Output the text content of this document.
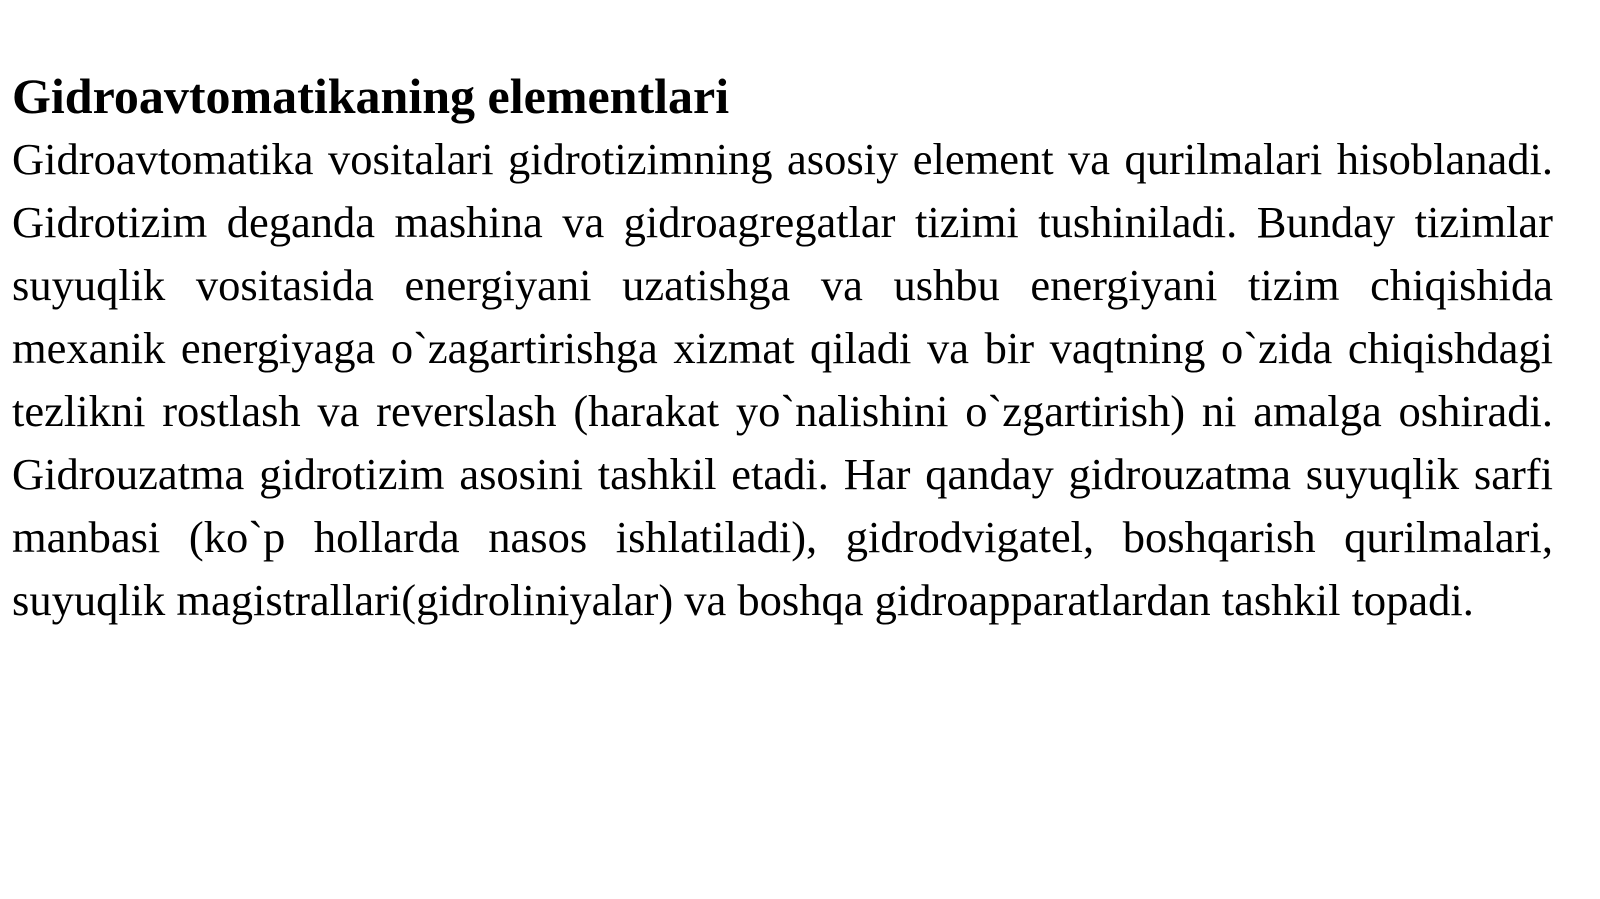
Gidroavtomatikaning elementlari

Gidroavtomatika vositalari gidrotizimning asosiy element va qurilmalari hisoblanadi. Gidrotizim deganda mashina va gidroagregatlar tizimi tushiniladi. Bunday tizimlar suyuqlik vositasida energiyani uzatishga va ushbu energiyani tizim chiqishida mexanik energiyaga o`zagartirishga xizmat qiladi va bir vaqtning o`zida chiqishdagi tezlikni rostlash va reverslash (harakat yo`nalishini o`zgartirish) ni amalga oshiradi. Gidrouzatma gidrotizim asosini tashkil etadi. Har qanday gidrouzatma suyuqlik sarfi manbasi (ko`p hollarda nasos ishlatiladi), gidrodvigatel, boshqarish qurilmalari, suyuqlik magistrallari(gidroliniyalar) va boshqa gidroapparatlardan tashkil topadi.
